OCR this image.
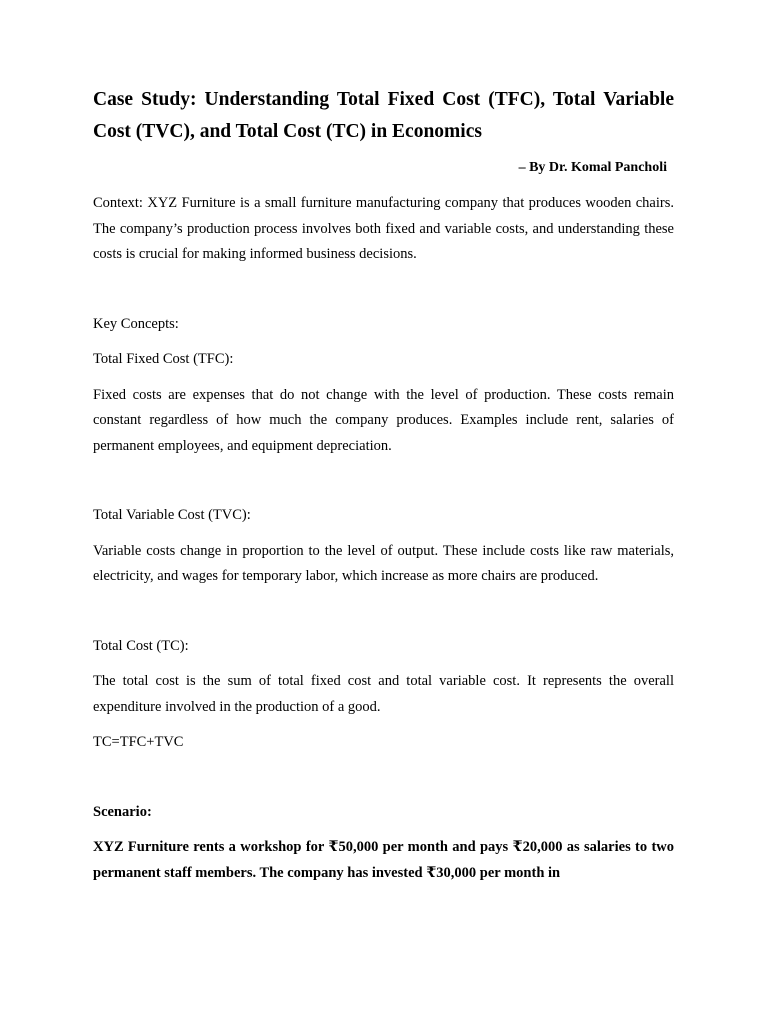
Case Study: Understanding Total Fixed Cost (TFC), Total Variable Cost (TVC), and Total Cost (TC) in Economics
– By Dr. Komal Pancholi

Context: XYZ Furniture is a small furniture manufacturing company that produces wooden chairs. The company’s production process involves both fixed and variable costs, and understanding these costs is crucial for making informed business decisions.

Key Concepts:

Total Fixed Cost (TFC):

Fixed costs are expenses that do not change with the level of production. These costs remain constant regardless of how much the company produces. Examples include rent, salaries of permanent employees, and equipment depreciation.

Total Variable Cost (TVC):

Variable costs change in proportion to the level of output. These include costs like raw materials, electricity, and wages for temporary labor, which increase as more chairs are produced.

Total Cost (TC):

The total cost is the sum of total fixed cost and total variable cost. It represents the overall expenditure involved in the production of a good.

TC=TFC+TVC

Scenario:

XYZ Furniture rents a workshop for ₹50,000 per month and pays ₹20,000 as salaries to two permanent staff members. The company has invested ₹30,000 per month in
